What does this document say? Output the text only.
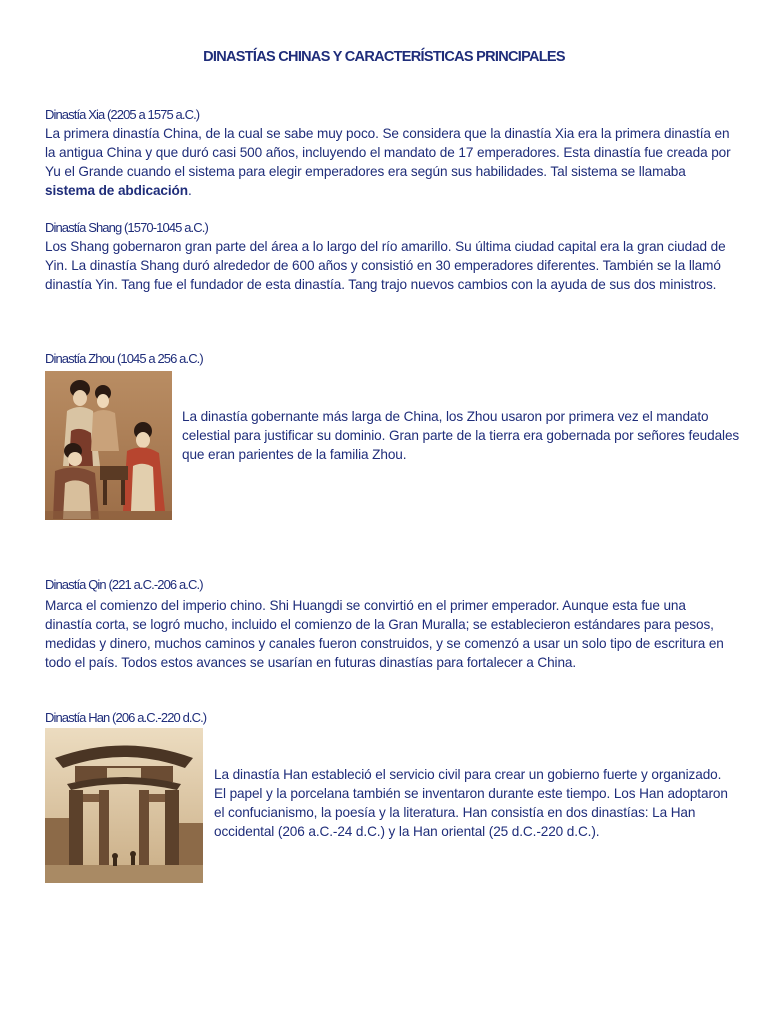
DINASTÍAS CHINAS Y CARACTERÍSTICAS PRINCIPALES
Dinastía Xia (2205 a 1575 a.C.)
La primera dinastía China, de la cual se sabe muy poco. Se considera que la dinastía Xia era la primera dinastía en la antigua China y que duró casi 500 años, incluyendo el mandato de 17 emperadores. Esta dinastía fue creada por Yu el Grande cuando el sistema para elegir emperadores era según sus habilidades. Tal sistema se llamaba sistema de abdicación.
Dinastía Shang (1570-1045 a.C.)
Los Shang gobernaron gran parte del área a lo largo del río amarillo. Su última ciudad capital era la gran ciudad de Yin. La dinastía Shang duró alrededor de 600 años y consistió en 30 emperadores diferentes. También se la llamó dinastía Yin. Tang fue el fundador de esta dinastía. Tang trajo nuevos cambios con la ayuda de sus dos ministros.
Dinastía Zhou (1045 a 256 a.C.)
La dinastía gobernante más larga de China, los Zhou usaron por primera vez el mandato celestial para justificar su dominio. Gran parte de la tierra era gobernada por señores feudales que eran parientes de la familia Zhou.
Dinastía Qin (221 a.C.-206 a.C.)
Marca el comienzo del imperio chino. Shi Huangdi se convirtió en el primer emperador. Aunque esta fue una dinastía corta, se logró mucho, incluido el comienzo de la Gran Muralla; se establecieron estándares para pesos, medidas y dinero, muchos caminos y canales fueron construidos, y se comenzó a usar un solo tipo de escritura en todo el país. Todos estos avances se usarían en futuras dinastías para fortalecer a China.
Dinastía Han (206 a.C.-220 d.C.)
La dinastía Han estableció el servicio civil para crear un gobierno fuerte y organizado. El papel y la porcelana también se inventaron durante este tiempo. Los Han adoptaron el confucianismo, la poesía y la literatura. Han consistía en dos dinastías: La Han occidental (206 a.C.-24 d.C.) y la Han oriental (25 d.C.-220 d.C.).
